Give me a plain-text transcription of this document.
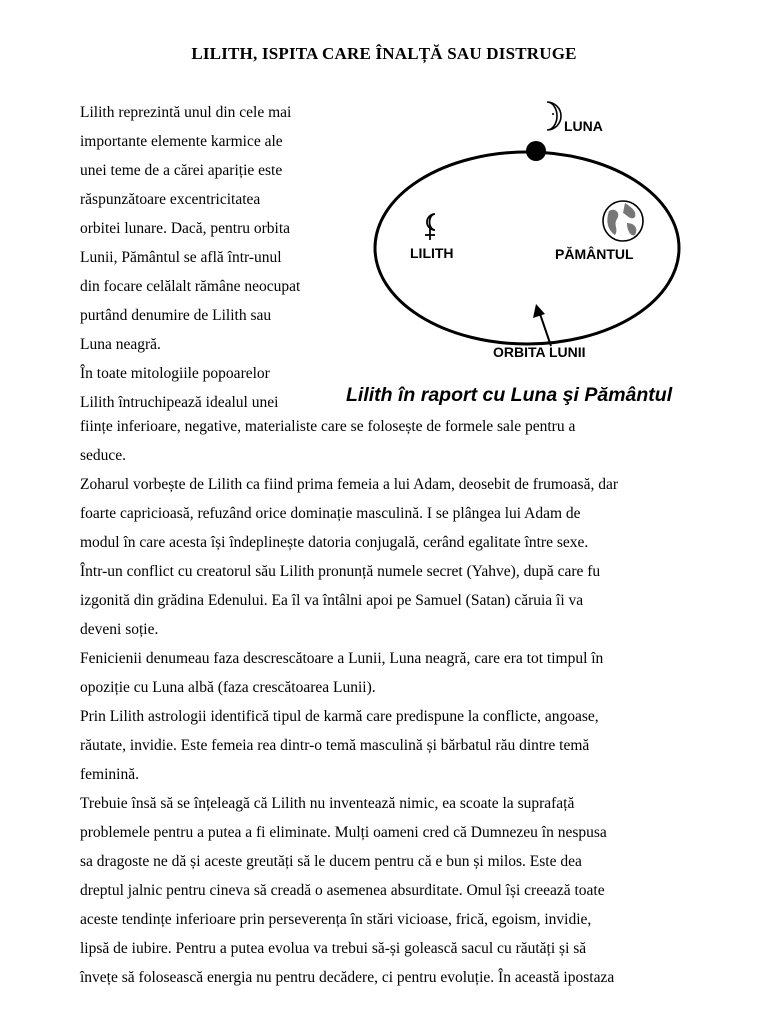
LILITH, ISPITA CARE ÎNALȚĂ SAU DISTRUGE
Lilith reprezintă unul din cele mai
importante elemente karmice ale
unei teme de a cărei apariție este
răspunzătoare excentricitatea
orbitei lunare. Dacă, pentru orbita
Lunii, Pământul se află într-unul
din focare celălalt rămâne neocupat
purtând denumire de Lilith sau
Luna neagră.
În toate mitologiile popoarelor
Lilith întruchipează idealul unei
LUNA
LILITH	PĂMÂNTUL
ORBITA LUNII
Lilith în raport cu Luna şi Pământul
ființe inferioare, negative, materialiste care se folosește de formele sale pentru a
seduce.
Zoharul vorbește de Lilith ca fiind prima femeia a lui Adam, deosebit de frumoasă, dar
foarte capricioasă, refuzând orice dominație masculină. I se plângea lui Adam de
modul în care acesta își îndeplinește datoria conjugală, cerând egalitate între sexe.
Într-un conflict cu creatorul său Lilith pronunță numele secret (Yahve), după care fu
izgonită din grădina Edenului. Ea îl va întâlni apoi pe Samuel (Satan) căruia îi va
deveni soție.
Fenicienii denumeau faza descrescătoare a Lunii, Luna neagră, care era tot timpul în
opoziție cu Luna albă (faza crescătoarea Lunii).
Prin Lilith astrologii identifică tipul de karmă care predispune la conflicte, angoase,
răutate, invidie. Este femeia rea dintr-o temă masculină și bărbatul rău dintre temă
feminină.
Trebuie însă să se înțeleagă că Lilith nu inventează nimic, ea scoate la suprafață
problemele pentru a putea a fi eliminate. Mulți oameni cred că Dumnezeu în nespusa
sa dragoste ne dă și aceste greutăți să le ducem pentru că e bun și milos. Este dea
dreptul jalnic pentru cineva să creadă o asemenea absurditate. Omul își creează toate
aceste tendințe inferioare prin perseverența în stări vicioase, frică, egoism, invidie,
lipsă de iubire. Pentru a putea evolua va trebui să-și golească sacul cu răutăți și să
învețe să folosească energia nu pentru decădere, ci pentru evoluție. În această ipostaza
